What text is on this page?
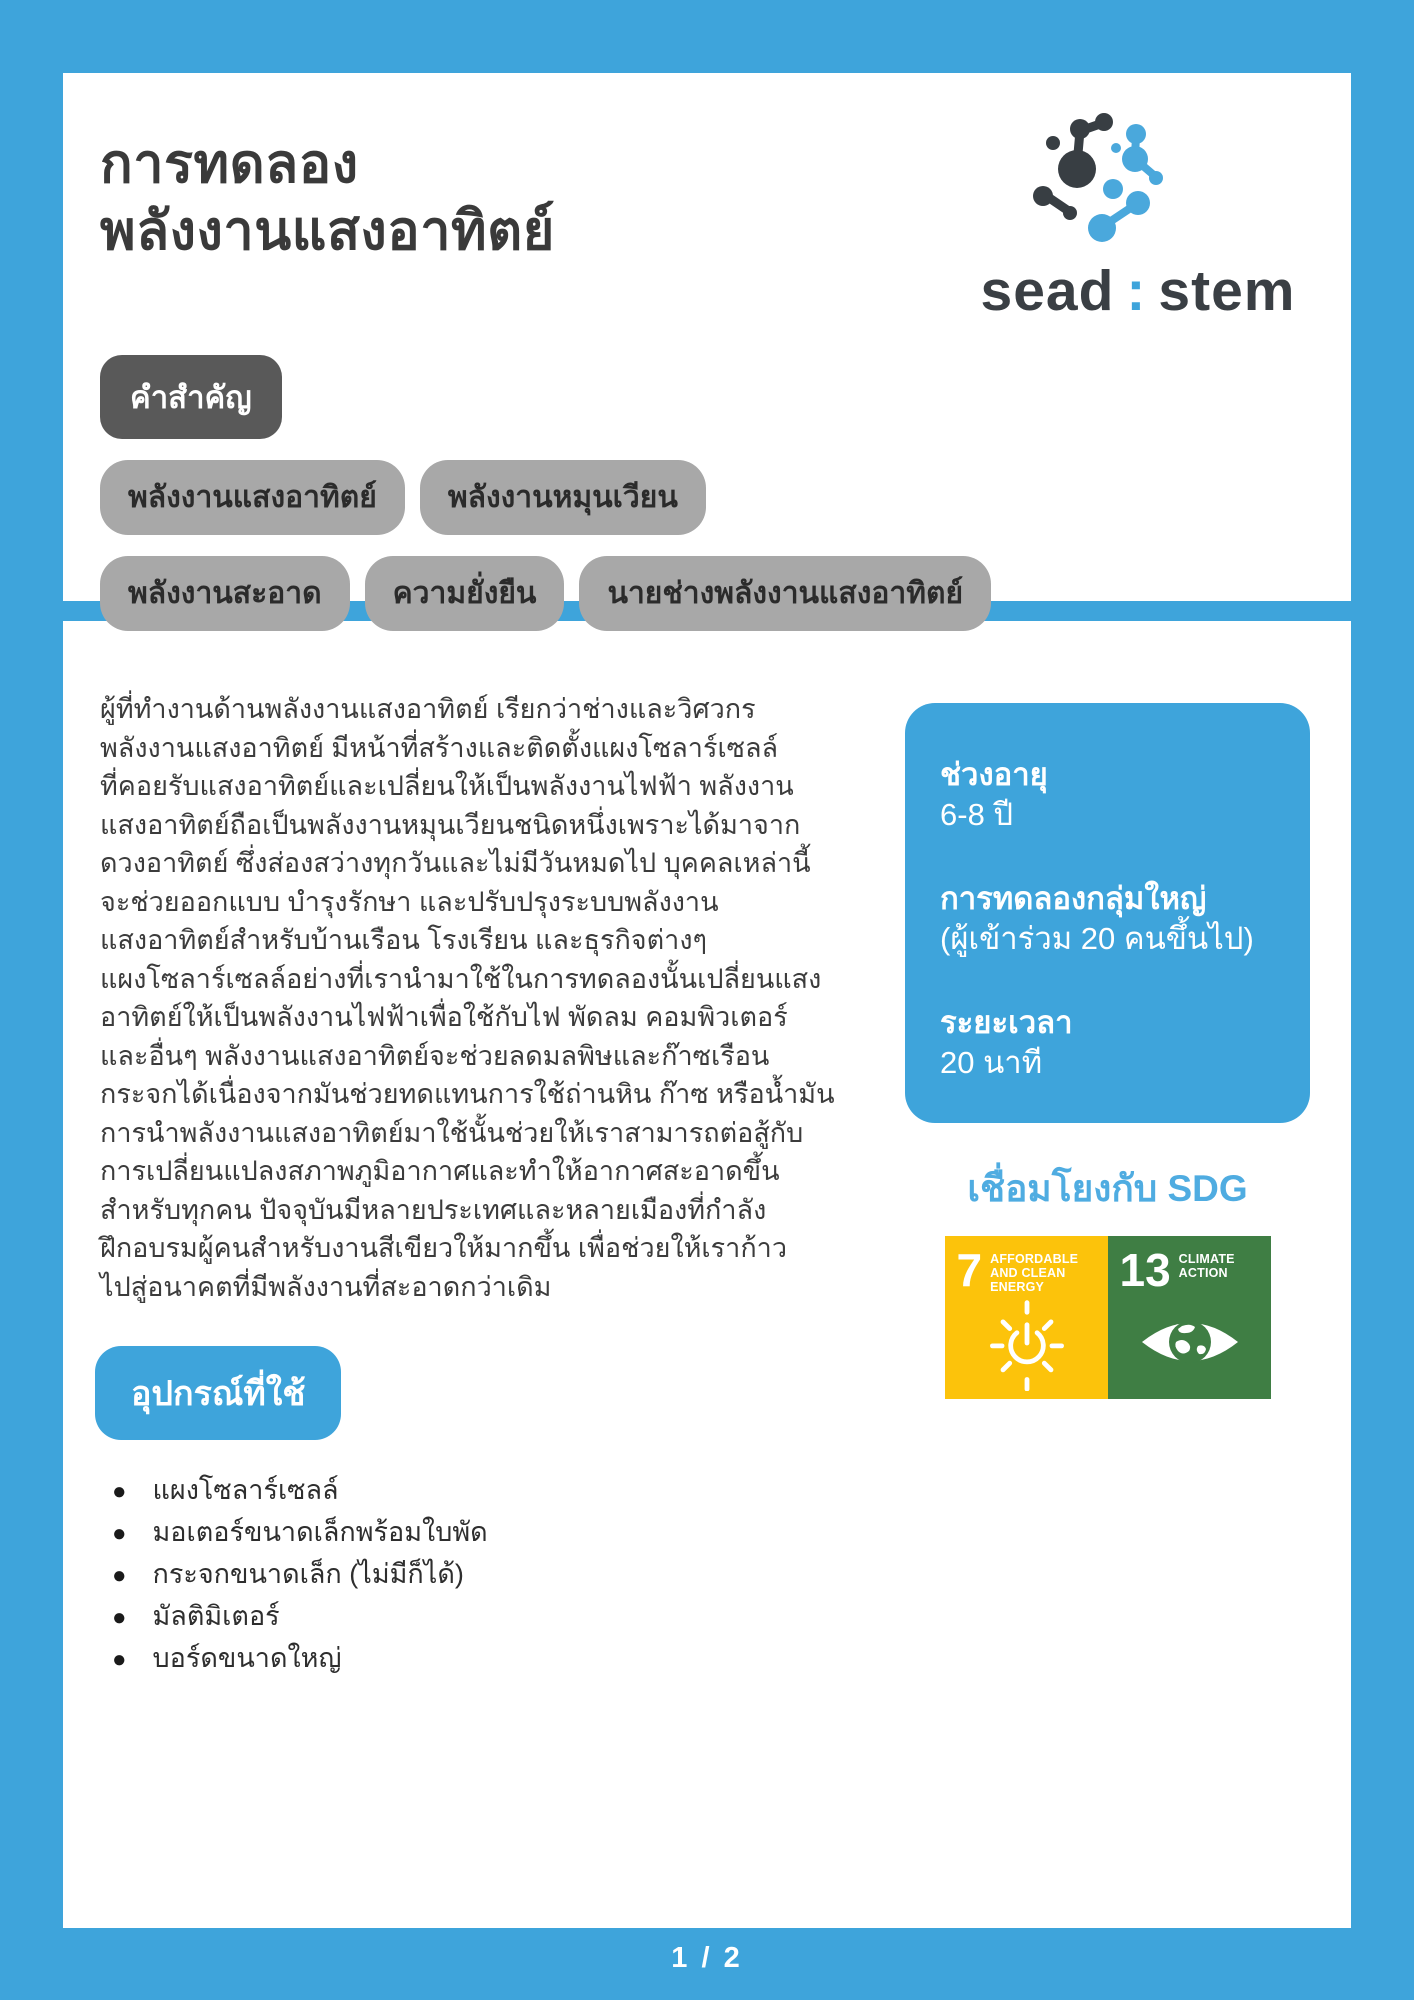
การทดลอง
พลังงานแสงอาทิตย์
sead : stem
คำสำคัญ
พลังงานแสงอาทิตย์	พลังงานหมุนเวียน
พลังงานสะอาด	ความยั่งยืน	นายช่างพลังงานแสงอาทิตย์
ผู้ที่ทำงานด้านพลังงานแสงอาทิตย์ เรียกว่าช่างและวิศวกร
พลังงานแสงอาทิตย์ มีหน้าที่สร้างและติดตั้งแผงโซลาร์เซลล์
ที่คอยรับแสงอาทิตย์และเปลี่ยนให้เป็นพลังงานไฟฟ้า พลังงาน
แสงอาทิตย์ถือเป็นพลังงานหมุนเวียนชนิดหนึ่งเพราะได้มาจาก
ดวงอาทิตย์ ซึ่งส่องสว่างทุกวันและไม่มีวันหมดไป บุคคลเหล่านี้
จะช่วยออกแบบ บำรุงรักษา และปรับปรุงระบบพลังงาน
แสงอาทิตย์สำหรับบ้านเรือน โรงเรียน และธุรกิจต่างๆ
แผงโซลาร์เซลล์อย่างที่เรานำมาใช้ในการทดลองนั้นเปลี่ยนแสง
อาทิตย์ให้เป็นพลังงานไฟฟ้าเพื่อใช้กับไฟ พัดลม คอมพิวเตอร์
และอื่นๆ พลังงานแสงอาทิตย์จะช่วยลดมลพิษและก๊าซเรือน
กระจกได้เนื่องจากมันช่วยทดแทนการใช้ถ่านหิน ก๊าซ หรือน้ำมัน
การนำพลังงานแสงอาทิตย์มาใช้นั้นช่วยให้เราสามารถต่อสู้กับ
การเปลี่ยนแปลงสภาพภูมิอากาศและทำให้อากาศสะอาดขึ้น
สำหรับทุกคน ปัจจุบันมีหลายประเทศและหลายเมืองที่กำลัง
ฝึกอบรมผู้คนสำหรับงานสีเขียวให้มากขึ้น เพื่อช่วยให้เราก้าว
ไปสู่อนาคตที่มีพลังงานที่สะอาดกว่าเดิม
อุปกรณ์ที่ใช้
● แผงโซลาร์เซลล์
● มอเตอร์ขนาดเล็กพร้อมใบพัด
● กระจกขนาดเล็ก (ไม่มีก็ได้)
● มัลติมิเตอร์
● บอร์ดขนาดใหญ่
ช่วงอายุ
6-8 ปี
การทดลองกลุ่มใหญ่
(ผู้เข้าร่วม 20 คนขึ้นไป)
ระยะเวลา
20 นาที
เชื่อมโยงกับ SDG
7 AFFORDABLE AND CLEAN ENERGY	13 CLIMATE ACTION
1 / 2
